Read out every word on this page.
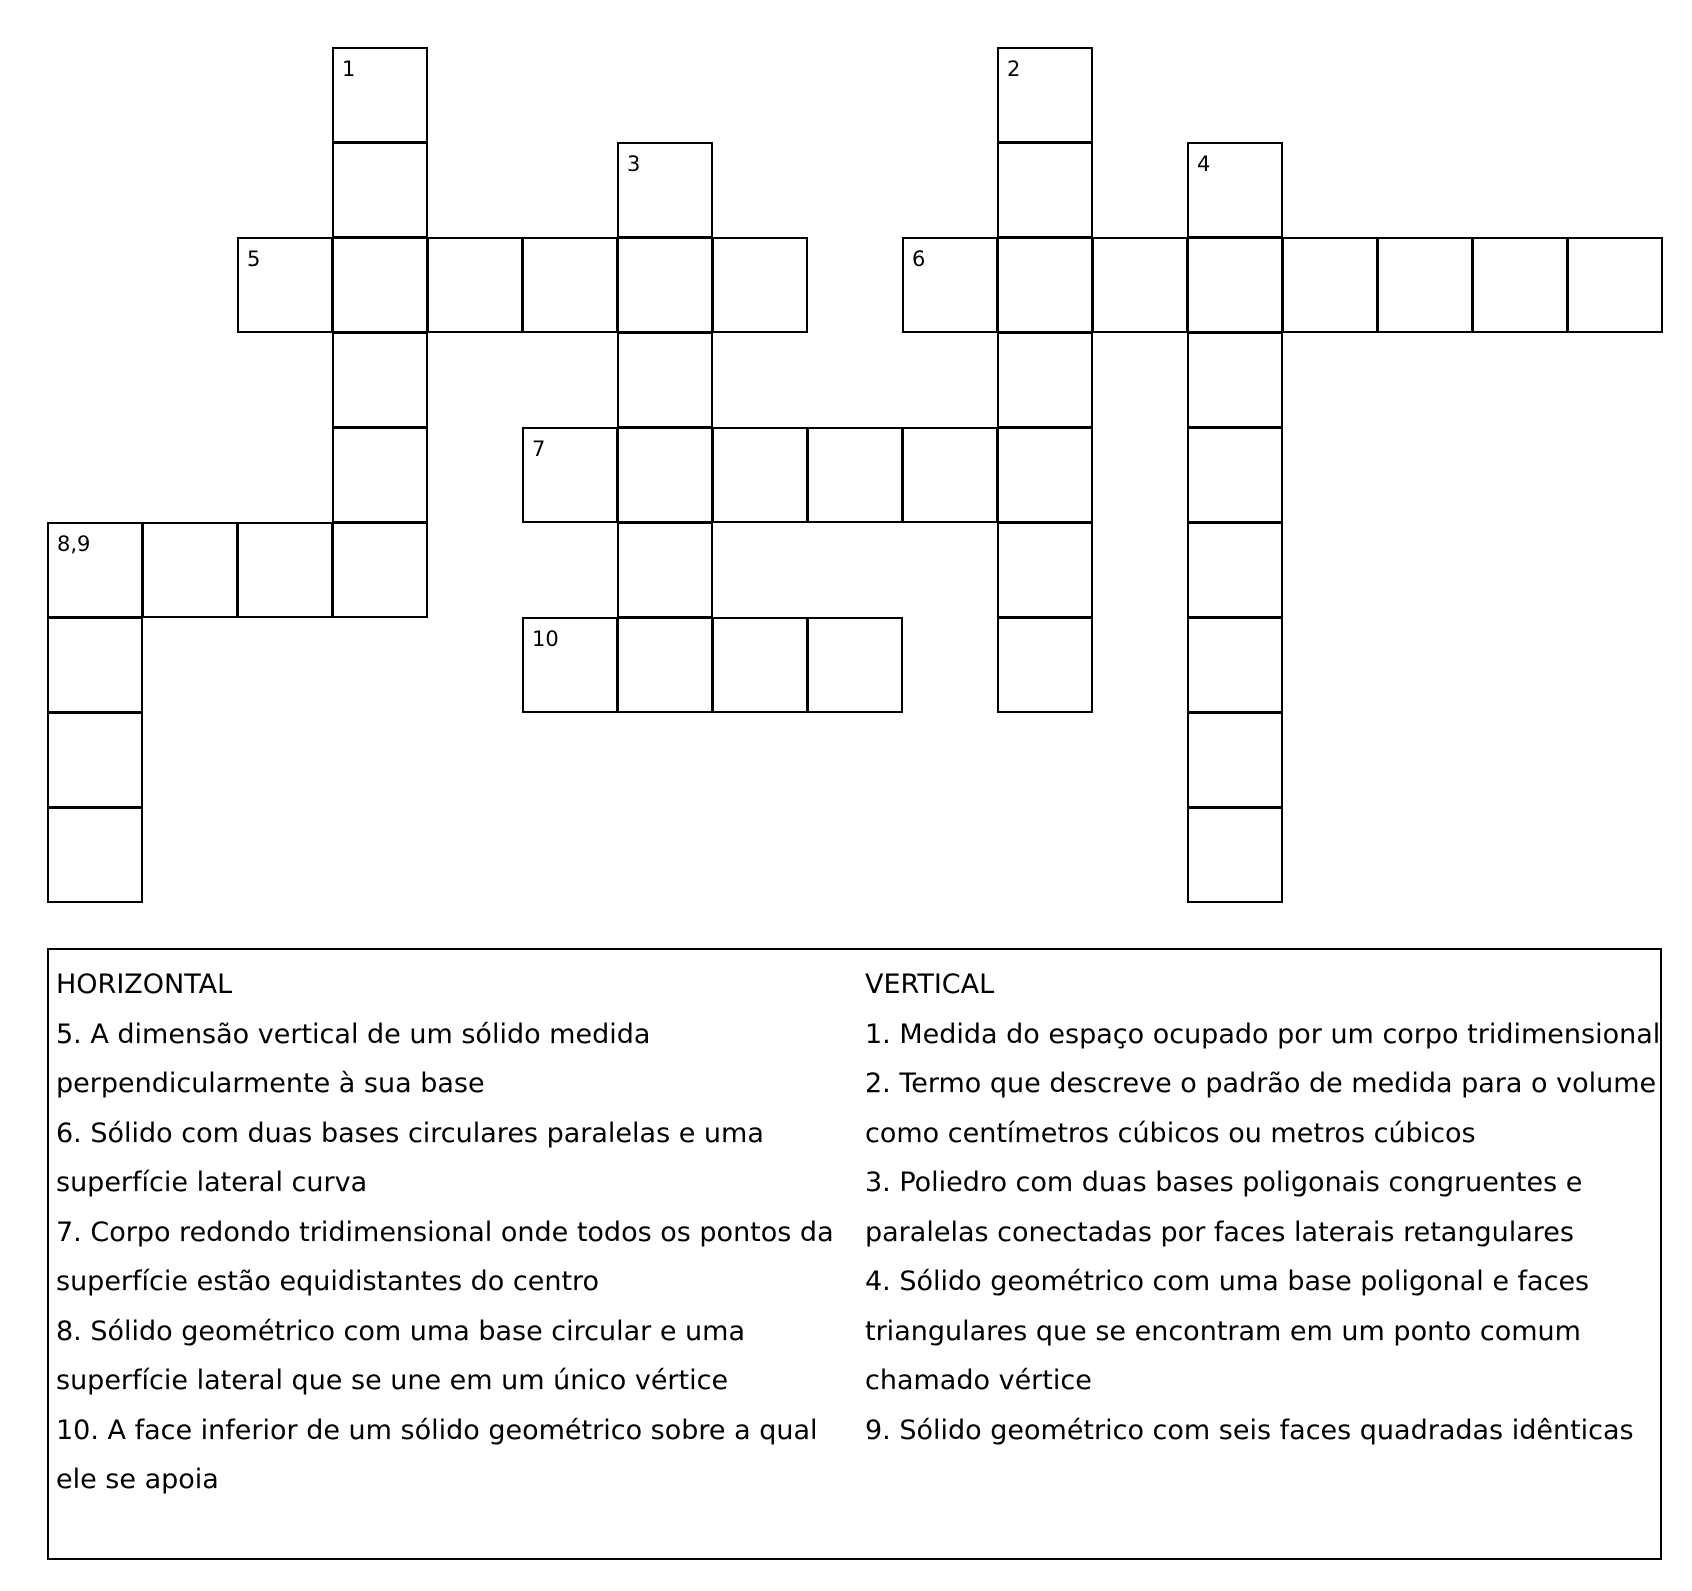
1
5
3
7
10
2
6
4
8,9
HORIZONTAL
5. A dimensão vertical de um sólido medida perpendicularmente à sua base
6. Sólido com duas bases circulares paralelas e uma superfície lateral curva
7. Corpo redondo tridimensional onde todos os pontos da superfície estão equidistantes do centro
8. Sólido geométrico com uma base circular e uma superfície lateral que se une em um único vértice
10. A face inferior de um sólido geométrico sobre a qual ele se apoia
VERTICAL
1. Medida do espaço ocupado por um corpo tridimensional
2. Termo que descreve o padrão de medida para o volume como centímetros cúbicos ou metros cúbicos
3. Poliedro com duas bases poligonais congruentes e paralelas conectadas por faces laterais retangulares
4. Sólido geométrico com uma base poligonal e faces triangulares que se encontram em um ponto comum chamado vértice
9. Sólido geométrico com seis faces quadradas idênticas
